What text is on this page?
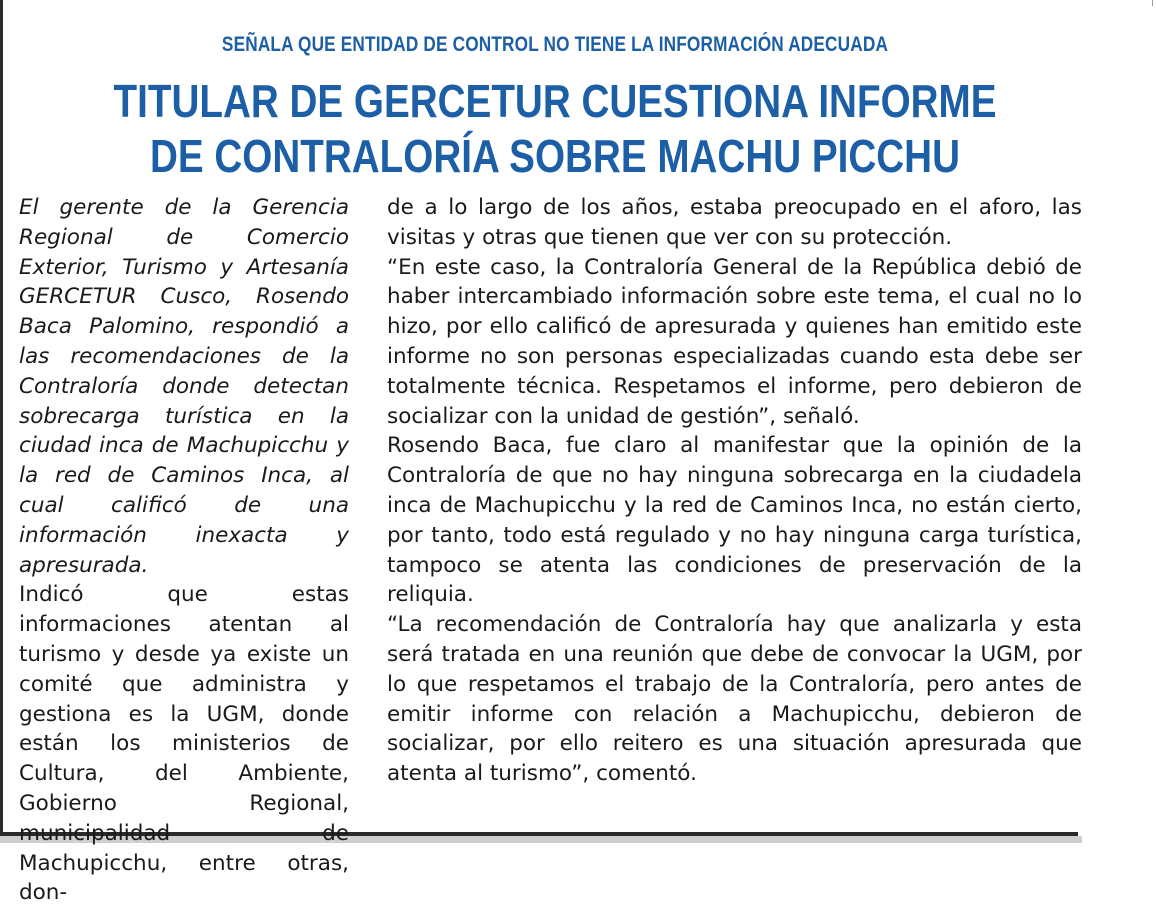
SEÑALA QUE ENTIDAD DE CONTROL NO TIENE LA INFORMACIÓN ADECUADA
TITULAR DE GERCETUR CUESTIONA INFORME
DE CONTRALORÍA SOBRE MACHU PICCHU

El gerente de la Gerencia Regional de Comercio Exterior, Turismo y Artesanía GERCETUR Cusco, Rosendo Baca Palomino, respondió a las recomendaciones de la Contraloría donde detectan sobrecarga turística en la ciudad inca de Machupicchu y la red de Caminos Inca, al cual calificó de una información inexacta y apresurada.

Indicó que estas informaciones atentan al turismo y desde ya existe un comité que administra y gestiona es la UGM, donde están los ministerios de Cultura, del Ambiente, Gobierno Regional, municipalidad de Machupicchu, entre otras, don-

de a lo largo de los años, estaba preocupado en el aforo, las visitas y otras que tienen que ver con su protección.

“En este caso, la Contraloría General de la República debió de haber intercambiado información sobre este tema, el cual no lo hizo, por ello calificó de apresurada y quienes han emitido este informe no son personas especializadas cuando esta debe ser totalmente técnica. Respetamos el informe, pero debieron de socializar con la unidad de gestión”, señaló.

Rosendo Baca, fue claro al manifestar que la opinión de la Contraloría de que no hay ninguna sobrecarga en la ciudadela inca de Machupicchu y la red de Caminos Inca, no están cierto, por tanto, todo está regulado y no hay ninguna carga turística, tampoco se atenta las condiciones de preservación de la reliquia.

“La recomendación de Contraloría hay que analizarla y esta será tratada en una reunión que debe de convocar la UGM, por lo que respetamos el trabajo de la Contraloría, pero antes de emitir informe con relación a Machupicchu, debieron de socializar, por ello reitero es una situación apresurada que atenta al turismo”, comentó.
